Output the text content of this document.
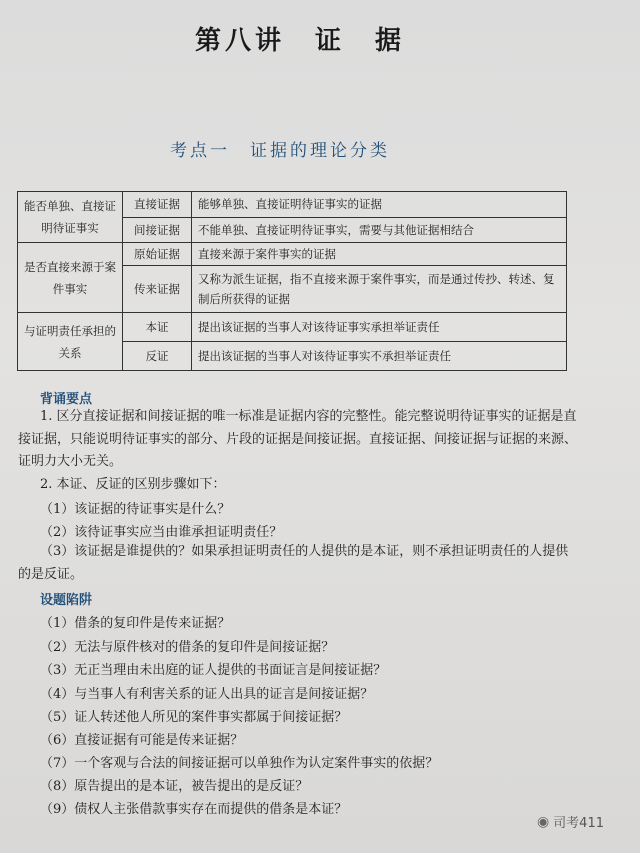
第八讲　证　据
考点一　证据的理论分类
能否单独、直接证明待证事实	直接证据	能够单独、直接证明待证事实的证据
	间接证据	不能单独、直接证明待证事实，需要与其他证据相结合
是否直接来源于案件事实	原始证据	直接来源于案件事实的证据
	传来证据	又称为派生证据，指不直接来源于案件事实，而是通过传抄、转述、复制后所获得的证据
与证明责任承担的关系	本证	提出该证据的当事人对该待证事实承担举证责任
	反证	提出该证据的当事人对该待证事实不承担举证责任
背诵要点
1. 区分直接证据和间接证据的唯一标准是证据内容的完整性。能完整说明待证事实的证据是直接证据，只能说明待证事实的部分、片段的证据是间接证据。直接证据、间接证据与证据的来源、证明力大小无关。
2. 本证、反证的区别步骤如下：
（1）该证据的待证事实是什么？
（2）该待证事实应当由谁承担证明责任？
（3）该证据是谁提供的？如果承担证明责任的人提供的是本证，则不承担证明责任的人提供的是反证。
设题陷阱
（1）借条的复印件是传来证据？
（2）无法与原件核对的借条的复印件是间接证据？
（3）无正当理由未出庭的证人提供的书面证言是间接证据？
（4）与当事人有利害关系的证人出具的证言是间接证据？
（5）证人转述他人所见的案件事实都属于间接证据？
（6）直接证据有可能是传来证据？
（7）一个客观与合法的间接证据可以单独作为认定案件事实的依据？
（8）原告提出的是本证，被告提出的是反证？
（9）债权人主张借款事实存在而提供的借条是本证？
◉ 司考411
